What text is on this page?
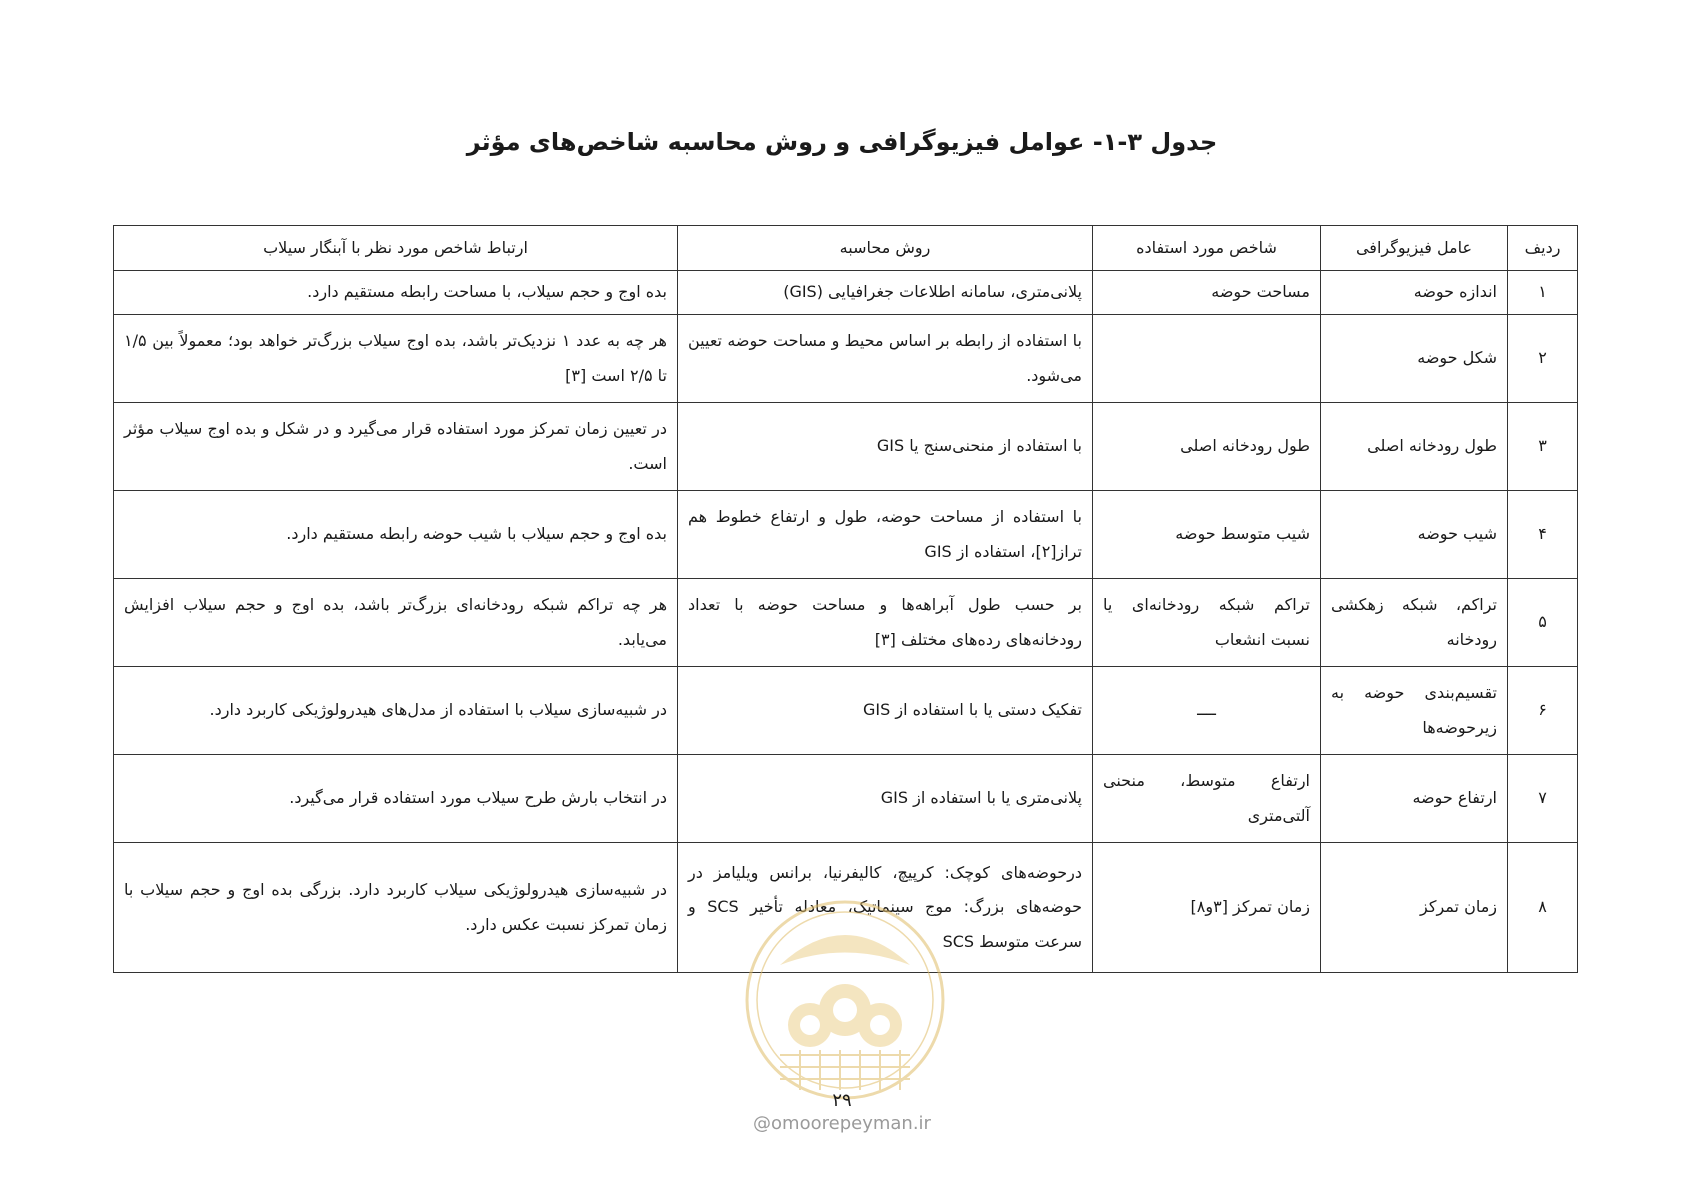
جدول ۳-۱- عوامل فیزیوگرافی و روش محاسبه شاخص‌های مؤثر
ردیف	عامل فیزیوگرافی	شاخص مورد استفاده	روش محاسبه	ارتباط شاخص مورد نظر با آبنگار سیلاب
۱	اندازه حوضه	مساحت حوضه	پلانی‌متری، سامانه اطلاعات جغرافیایی (GIS)	بده اوج و حجم سیلاب، با مساحت رابطه مستقیم دارد.
۲	شکل حوضه		با استفاده از رابطه بر اساس محیط و مساحت حوضه تعیین می‌شود.	هر چه به عدد ۱ نزدیک‌تر باشد، بده اوج سیلاب بزرگ‌تر خواهد بود؛ معمولاً بین ۱/۵ تا ۲/۵ است [۳]
۳	طول رودخانه اصلی	طول رودخانه اصلی	با استفاده از منحنی‌سنج یا GIS	در تعیین زمان تمرکز مورد استفاده قرار می‌گیرد و در شکل و بده اوج سیلاب مؤثر است.
۴	شیب حوضه	شیب متوسط حوضه	با استفاده از مساحت حوضه، طول و ارتفاع خطوط هم تراز[۲]، استفاده از GIS	بده اوج و حجم سیلاب با شیب حوضه رابطه مستقیم دارد.
۵	تراکم، شبکه زهکشی رودخانه	تراکم شبکه رودخانه‌ای یا نسبت انشعاب	بر حسب طول آبراهه‌ها و مساحت حوضه با تعداد رودخانه‌های رده‌های مختلف [۳]	هر چه تراکم شبکه رودخانه‌ای بزرگ‌تر باشد، بده اوج و حجم سیلاب افزایش می‌یابد.
۶	تقسیم‌بندی حوضه به زیرحوضه‌ها	ــــ	تفکیک دستی یا با استفاده از GIS	در شبیه‌سازی سیلاب با استفاده از مدل‌های هیدرولوژیکی کاربرد دارد.
۷	ارتفاع حوضه	ارتفاع متوسط، منحنی آلتی‌متری	پلانی‌متری یا با استفاده از GIS	در انتخاب بارش طرح سیلاب مورد استفاده قرار می‌گیرد.
۸	زمان تمرکز	زمان تمرکز [۳و۸]	درحوضه‌های کوچک: کرپیچ، کالیفرنیا، برانس ویلیامز در حوضه‌های بزرگ: موج سینماتیک، معادله تأخیر SCS و سرعت متوسط SCS	در شبیه‌سازی هیدرولوژیکی سیلاب کاربرد دارد. بزرگی بده اوج و حجم سیلاب با زمان تمرکز نسبت عکس دارد.
۲۹
@omoorepeyman.ir
